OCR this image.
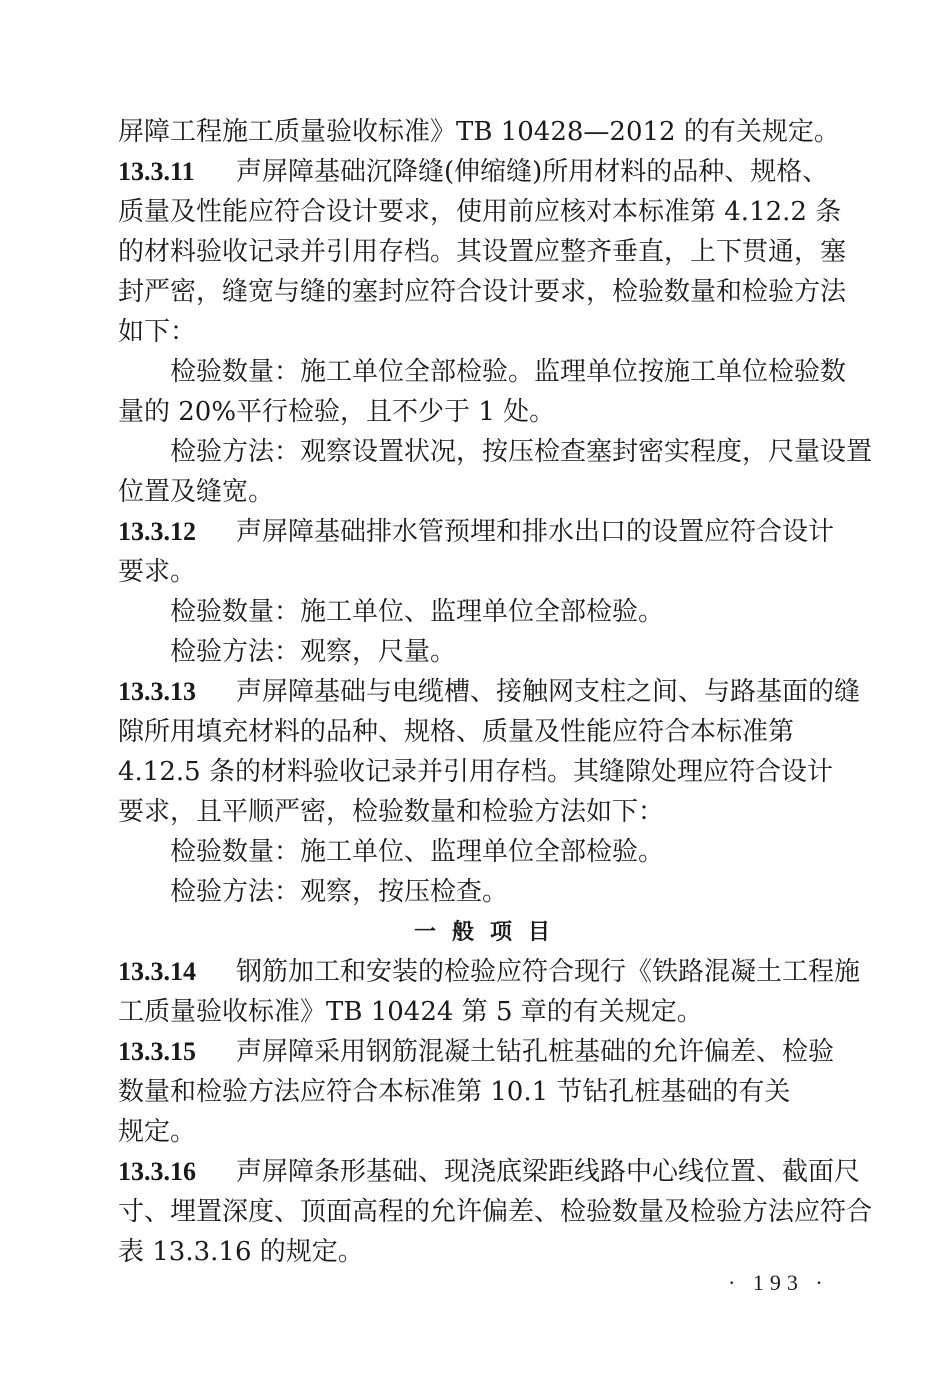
屏障工程施工质量验收标准》TB 10428—2012 的有关规定。
13.3.11 声屏障基础沉降缝(伸缩缝)所用材料的品种、规格、
质量及性能应符合设计要求，使用前应核对本标准第 4.12.2 条
的材料验收记录并引用存档。其设置应整齐垂直，上下贯通，塞
封严密，缝宽与缝的塞封应符合设计要求，检验数量和检验方法
如下：
检验数量：施工单位全部检验。监理单位按施工单位检验数
量的 20%平行检验，且不少于 1 处。
检验方法：观察设置状况，按压检查塞封密实程度，尺量设置
位置及缝宽。
13.3.12 声屏障基础排水管预埋和排水出口的设置应符合设计
要求。
检验数量：施工单位、监理单位全部检验。
检验方法：观察，尺量。
13.3.13 声屏障基础与电缆槽、接触网支柱之间、与路基面的缝
隙所用填充材料的品种、规格、质量及性能应符合本标准第
4.12.5 条的材料验收记录并引用存档。其缝隙处理应符合设计
要求，且平顺严密，检验数量和检验方法如下：
检验数量：施工单位、监理单位全部检验。
检验方法：观察，按压检查。
一般项目
13.3.14 钢筋加工和安装的检验应符合现行《铁路混凝土工程施
工质量验收标准》TB 10424 第 5 章的有关规定。
13.3.15 声屏障采用钢筋混凝土钻孔桩基础的允许偏差、检验
数量和检验方法应符合本标准第 10.1 节钻孔桩基础的有关
规定。
13.3.16 声屏障条形基础、现浇底梁距线路中心线位置、截面尺
寸、埋置深度、顶面高程的允许偏差、检验数量及检验方法应符合
表 13.3.16 的规定。
· 193 ·
